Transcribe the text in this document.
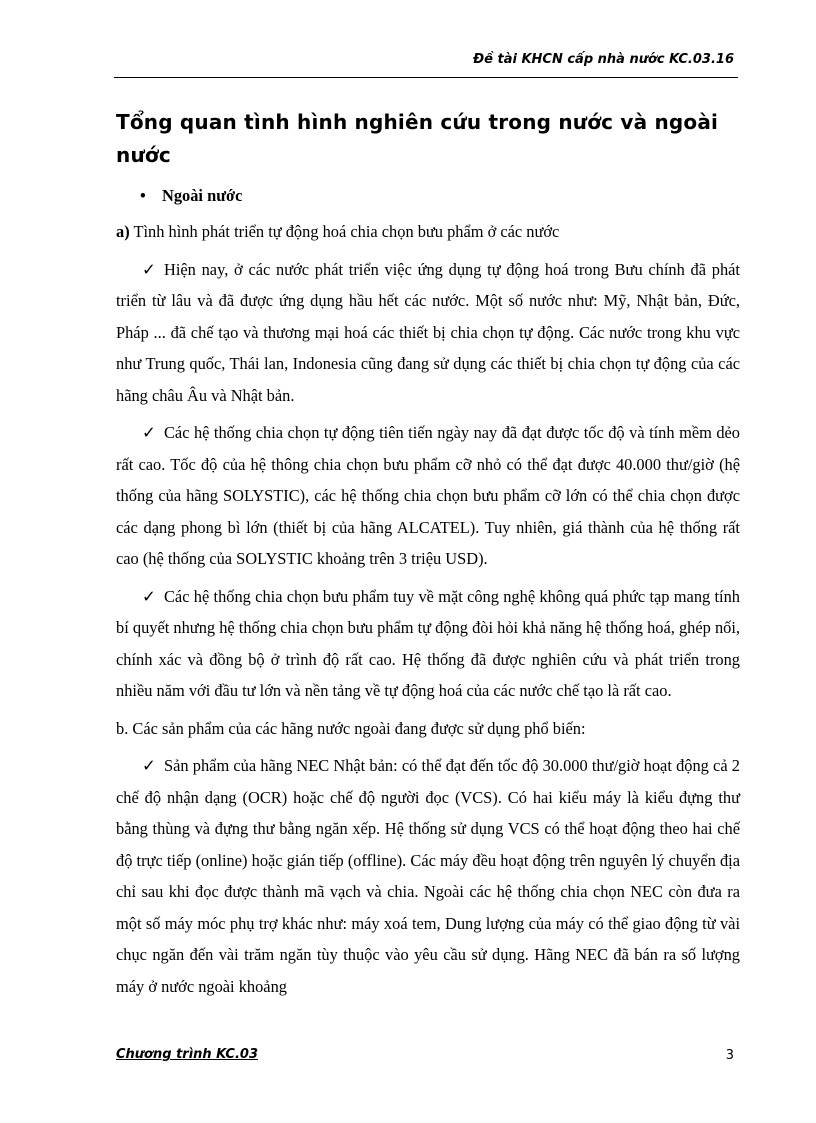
Đề tài KHCN cấp nhà nước KC.03.16
Tổng quan tình hình nghiên cứu trong nước và ngoài nước
• Ngoài nước

a) Tình hình phát triển tự động hoá chia chọn bưu phẩm ở các nước

✓ Hiện nay, ở các nước phát triển việc ứng dụng tự động hoá trong Bưu chính đã phát triển từ lâu và đã được ứng dụng hầu hết các nước. Một số nước như: Mỹ, Nhật bản, Đức, Pháp ... đã chế tạo và thương mại hoá các thiết bị chia chọn tự động. Các nước trong khu vực như Trung quốc, Thái lan, Indonesia cũng đang sử dụng các thiết bị chia chọn tự động của các hãng châu Âu và Nhật bản.

✓ Các hệ thống chia chọn tự động tiên tiến ngày nay đã đạt được tốc độ và tính mềm dẻo rất cao. Tốc độ của hệ thông chia chọn bưu phẩm cỡ nhỏ có thể đạt được 40.000 thư/giờ (hệ thống của hãng SOLYSTIC), các hệ thống chia chọn bưu phẩm cỡ lớn có thể chia chọn được các dạng phong bì lớn (thiết bị của hãng ALCATEL). Tuy nhiên, giá thành của hệ thống rất cao (hệ thống của SOLYSTIC khoảng trên 3 triệu USD).

✓ Các hệ thống chia chọn bưu phẩm tuy về mặt công nghệ không quá phức tạp mang tính bí quyết nhưng hệ thống chia chọn bưu phẩm tự động đòi hỏi khả năng hệ thống hoá, ghép nối, chính xác và đồng bộ ở trình độ rất cao. Hệ thống đã được nghiên cứu và phát triển trong nhiều năm với đầu tư lớn và nền tảng về tự động hoá của các nước chế tạo là rất cao.

b. Các sản phẩm của các hãng nước ngoài đang được sử dụng phổ biến:

✓ Sản phẩm của hãng NEC Nhật bản: có thể đạt đến tốc độ 30.000 thư/giờ hoạt động cả 2 chế độ nhận dạng (OCR) hoặc chế độ người đọc (VCS). Có hai kiểu máy là kiểu đựng thư bằng thùng và đựng thư bằng ngăn xếp. Hệ thống sử dụng VCS có thể hoạt động theo hai chế độ trực tiếp (online) hoặc gián tiếp (offline). Các máy đều hoạt động trên nguyên lý chuyển địa chỉ sau khi đọc được thành mã vạch và chia. Ngoài các hệ thống chia chọn NEC còn đưa ra một số máy móc phụ trợ khác như: máy xoá tem, Dung lượng của máy có thể giao động từ vài chục ngăn đến vài trăm ngăn tùy thuộc vào yêu cầu sử dụng. Hãng NEC đã bán ra số lượng máy ở nước ngoài khoảng

Chương trình KC.03	3
